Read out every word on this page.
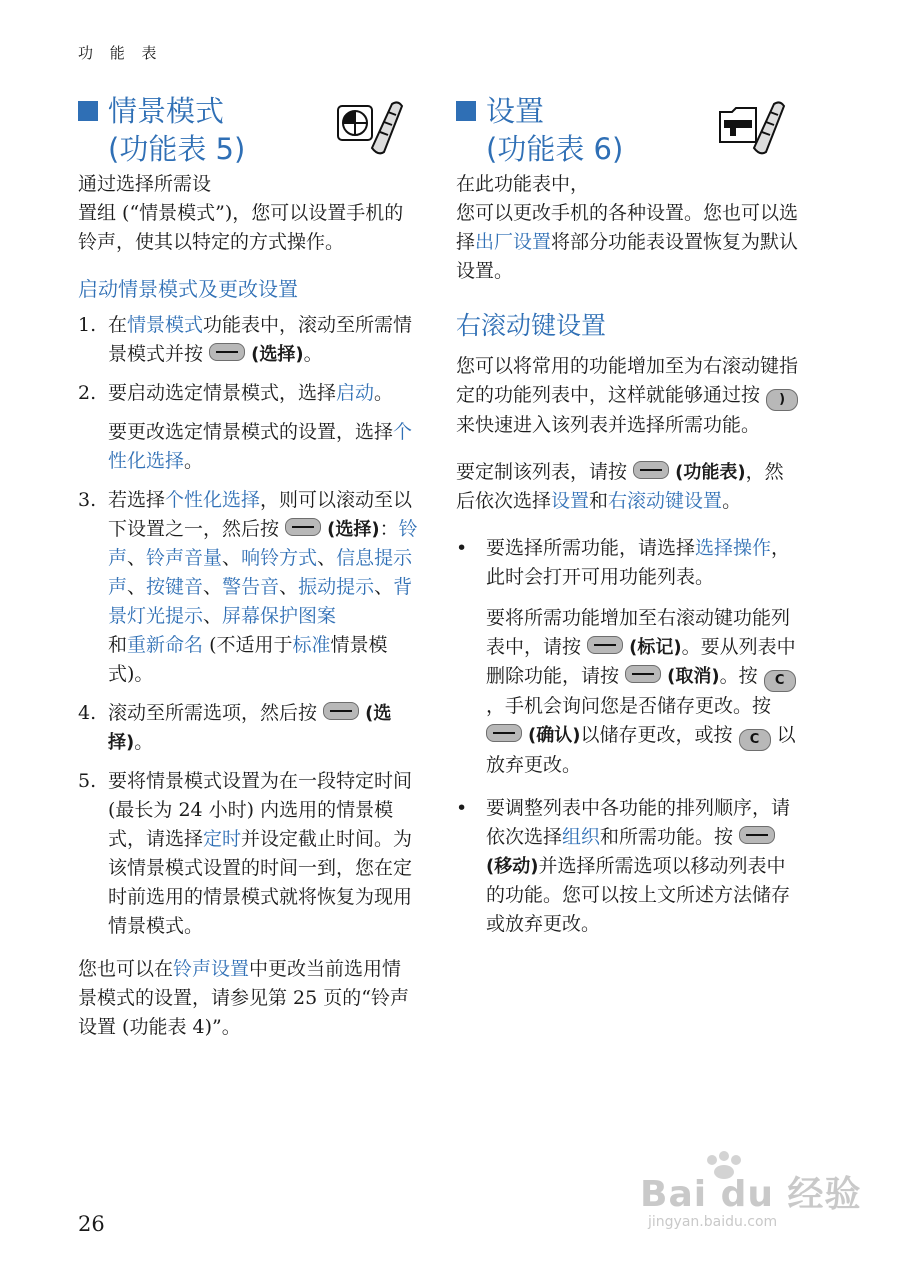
功 能 表
情景模式
(功能表 5)

通过选择所需设
置组 (“情景模式”)，您可以设置手机的铃声，使其以特定的方式操作。

启动情景模式及更改设置
1. 在情景模式功能表中，滚动至所需情景模式并按	(选择)。
2. 要启动选定情景模式，选择启动。
要更改选定情景模式的设置，选择个性化选择。
3. 若选择个性化选择，则可以滚动至以下设置之一，然后按	(选择)：铃声、铃声音量、响铃方式、信息提示声、按键音、警告音、振动提示、背景灯光提示、屏幕保护图案
和重新命名 (不适用于标准情景模式)。
4. 滚动至所需选项，然后按	(选择)。
5. 要将情景模式设置为在一段特定时间 (最长为 24 小时) 内选用的情景模式，请选择定时并设定截止时间。为该情景模式设置的时间一到，您在定时前选用的情景模式就将恢复为现用情景模式。

您也可以在铃声设置中更改当前选用情景模式的设置，请参见第 25 页的“铃声设置 (功能表 4)”。

设置
(功能表 6)

在此功能表中，
您可以更改手机的各种设置。您也可以选择出厂设置将部分功能表设置恢复为默认设置。

右滚动键设置

您可以将常用的功能增加至为右滚动键指定的功能列表中，这样就能够通过按 ) 来快速进入该列表并选择所需功能。

要定制该列表，请按	(功能表)，然后依次选择设置和右滚动键设置。

• 要选择所需功能，请选择选择操作，此时会打开可用功能列表。
要将所需功能增加至右滚动键功能列表中，请按	(标记)。要从列表中删除功能，请按	(取消)。按 C，手机会询问您是否储存更改。按  (确认)以储存更改，或按 C 以放弃更改。
• 要调整列表中各功能的排列顺序，请依次选择组织和所需功能。按  (移动)并选择所需选项以移动列表中的功能。您可以按上文所述方法储存或放弃更改。
26
Bai du 经验
jingyan.baidu.com
